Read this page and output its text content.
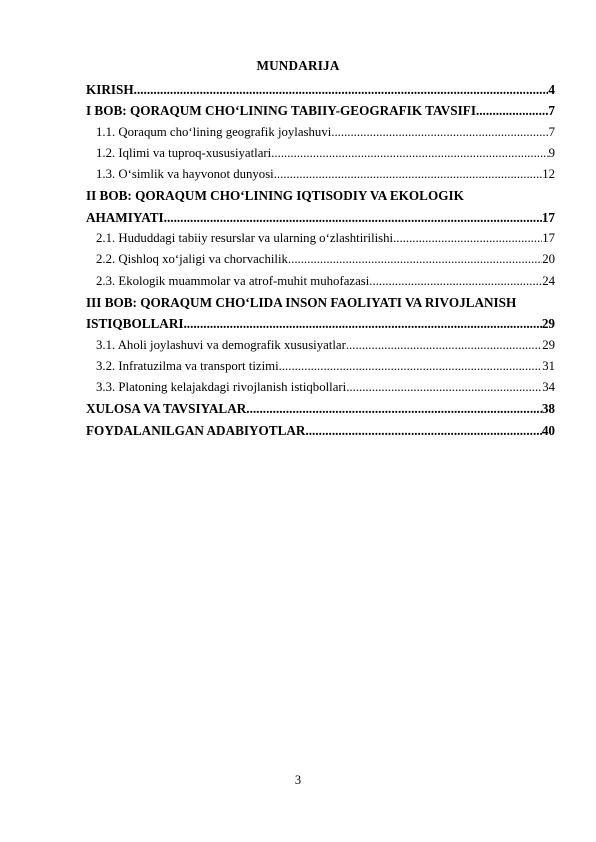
MUNDARIJA
KIRISH .....	4
I BOB: QORAQUM CHO‘LINING TABIIY-GEOGRAFIK TAVSIFI .....	7
1.1. Qoraqum cho‘lining geografik joylashuvi .....	7
1.2. Iqlimi va tuproq-xususiyatlari .....	9
1.3. O‘simlik va hayvonot dunyosi .....	12
II BOB: QORAQUM CHO‘LINING IQTISODIY VA EKOLOGIK
AHAMIYATI .....	17
2.1. Hududdagi tabiiy resurslar va ularning o‘zlashtirilishi .....	17
2.2. Qishloq xo‘jaligi va chorvachilik .....	20
2.3. Ekologik muammolar va atrof-muhit muhofazasi .....	24
III BOB: QORAQUM CHO‘LIDA INSON FAOLIYATI VA RIVOJLANISH
ISTIQBOLLARI .....	29
3.1. Aholi joylashuvi va demografik xususiyatlar .....	29
3.2. Infratuzilma va transport tizimi .....	31
3.3. Platoning kelajakdagi rivojlanish istiqbollari .....	34
XULOSA VA TAVSIYALAR .....	38
FOYDALANILGAN ADABIYOTLAR .....	40
3
